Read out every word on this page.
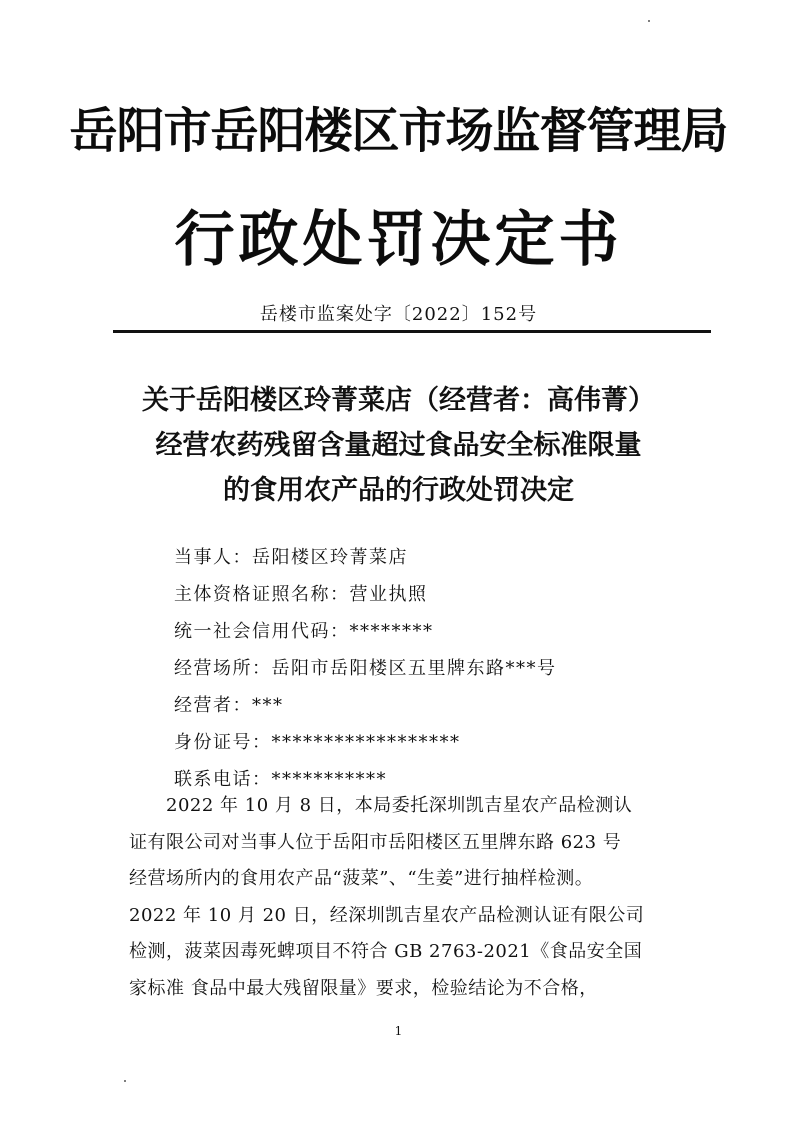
岳阳市岳阳楼区市场监督管理局
行政处罚决定书
岳楼市监案处字〔2022〕152号
关于岳阳楼区玲菁菜店（经营者：高伟菁）
经营农药残留含量超过食品安全标准限量
的食用农产品的行政处罚决定
当事人：岳阳楼区玲菁菜店
主体资格证照名称：营业执照
统一社会信用代码：********
经营场所：岳阳市岳阳楼区五里牌东路***号
经营者：***
身份证号：******************
联系电话：***********
　　2022 年 10 月 8 日，本局委托深圳凯吉星农产品检测认
证有限公司对当事人位于岳阳市岳阳楼区五里牌东路 623 号
经营场所内的食用农产品“菠菜”、“生姜”进行抽样检测。
2022 年 10 月 20 日，经深圳凯吉星农产品检测认证有限公司
检测，菠菜因毒死蜱项目不符合 GB 2763-2021《食品安全国
家标准 食品中最大残留限量》要求，检验结论为不合格，
1
